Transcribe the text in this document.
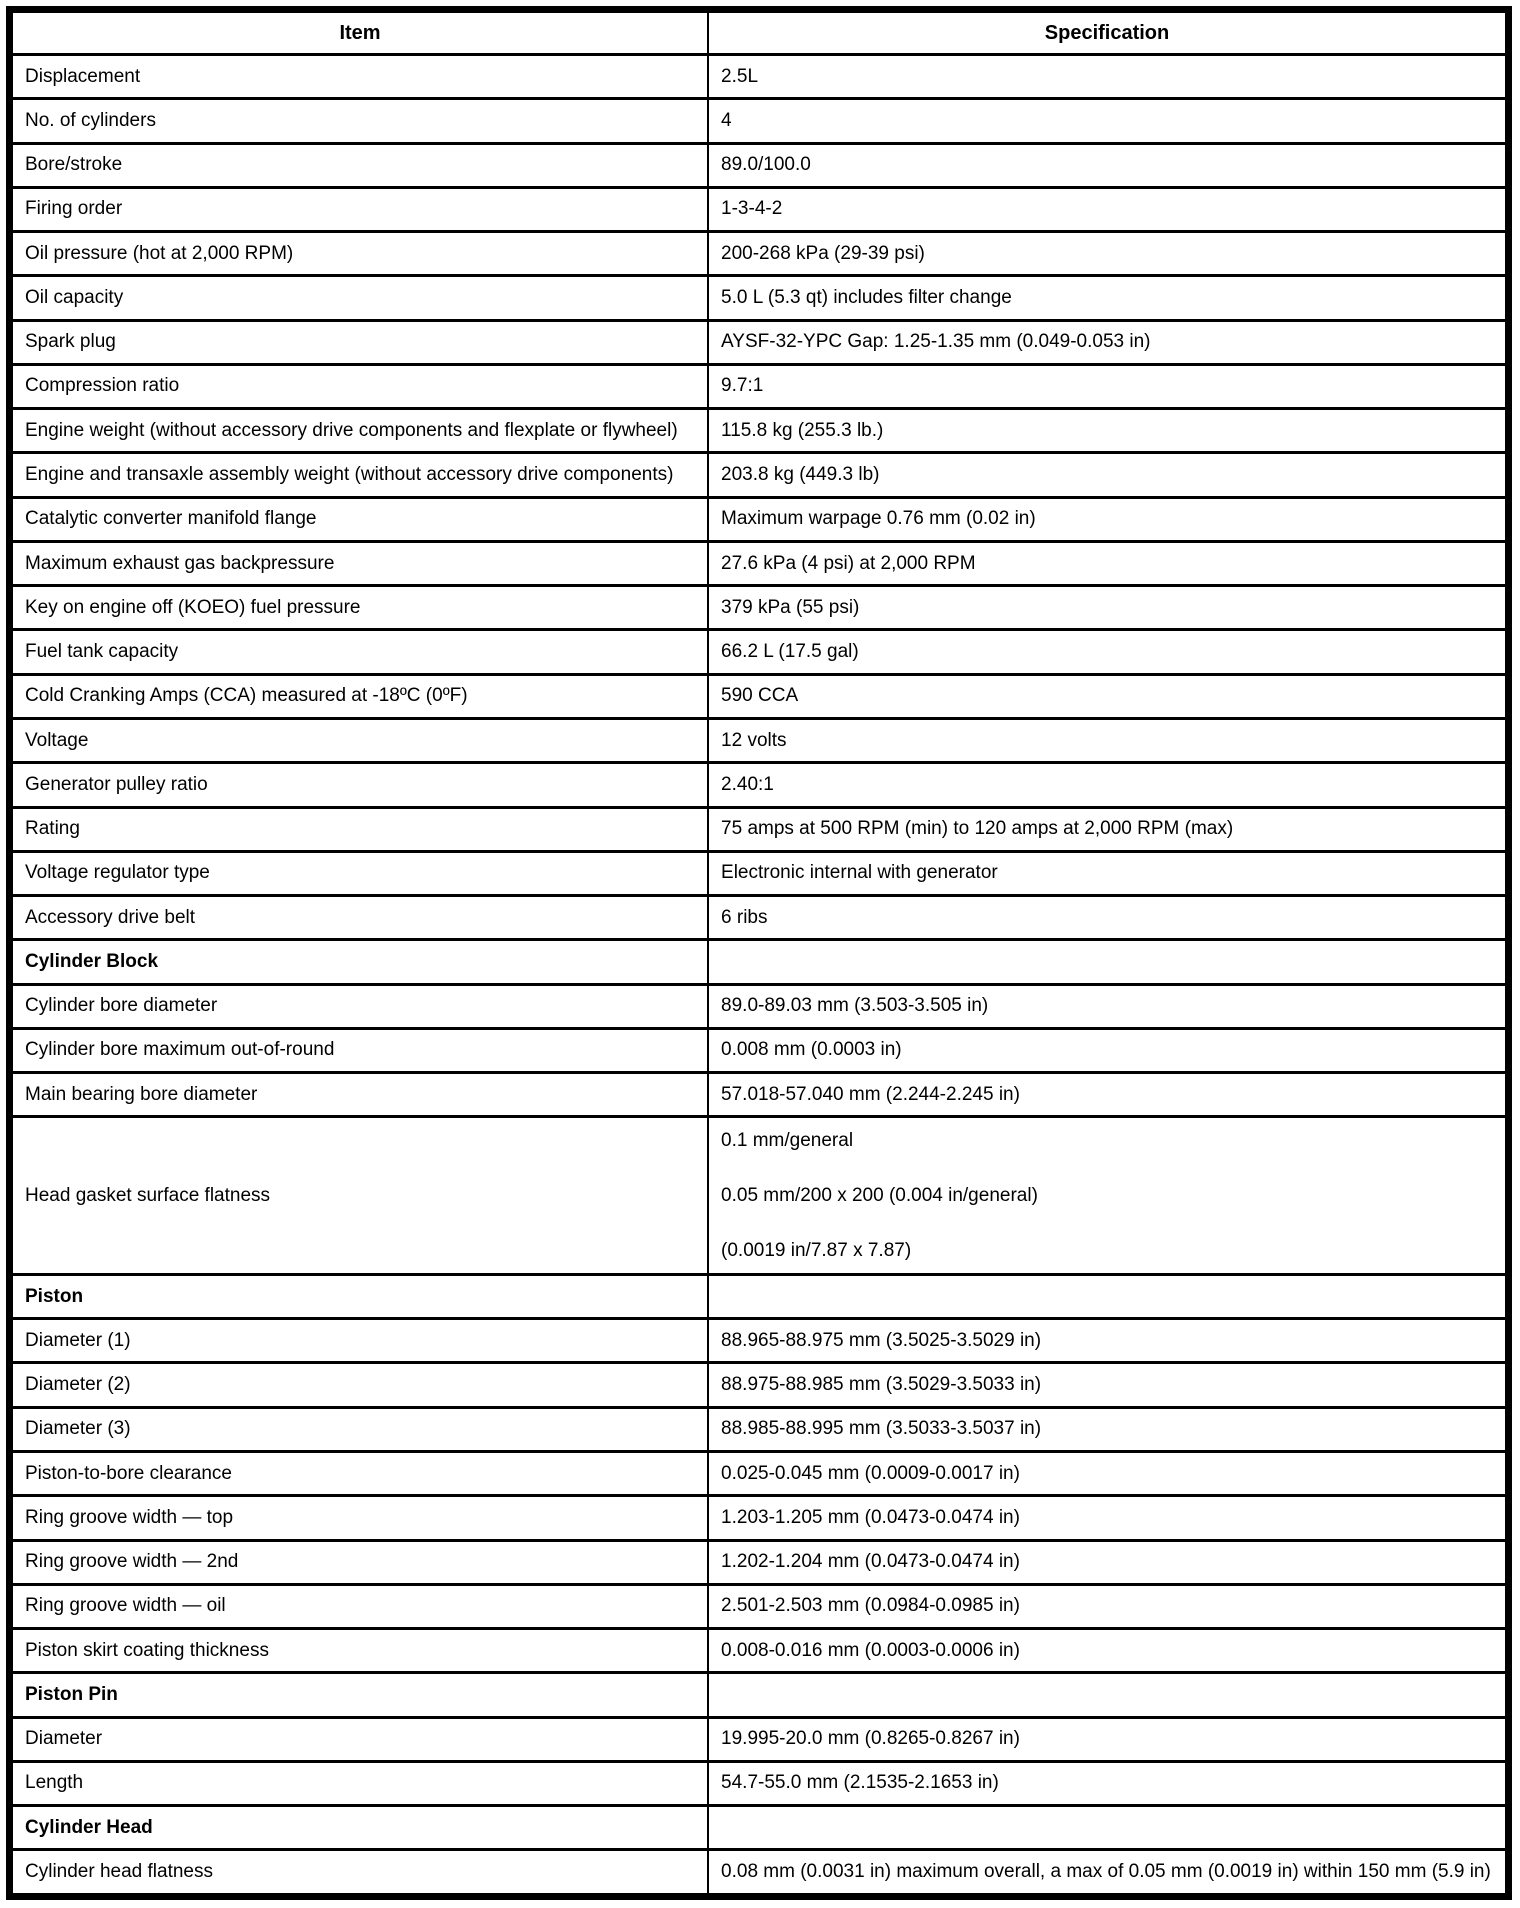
Item	Specification
Displacement	2.5L
No. of cylinders	4
Bore/stroke	89.0/100.0
Firing order	1-3-4-2
Oil pressure (hot at 2,000 RPM)	200-268 kPa (29-39 psi)
Oil capacity	5.0 L (5.3 qt) includes filter change
Spark plug	AYSF-32-YPC Gap: 1.25-1.35 mm (0.049-0.053 in)
Compression ratio	9.7:1
Engine weight (without accessory drive components and flexplate or flywheel)	115.8 kg (255.3 lb.)
Engine and transaxle assembly weight (without accessory drive components)	203.8 kg (449.3 lb)
Catalytic converter manifold flange	Maximum warpage 0.76 mm (0.02 in)
Maximum exhaust gas backpressure	27.6 kPa (4 psi) at 2,000 RPM
Key on engine off (KOEO) fuel pressure	379 kPa (55 psi)
Fuel tank capacity	66.2 L (17.5 gal)
Cold Cranking Amps (CCA) measured at -18ºC (0ºF)	590 CCA
Voltage	12 volts
Generator pulley ratio	2.40:1
Rating	75 amps at 500 RPM (min) to 120 amps at 2,000 RPM (max)
Voltage regulator type	Electronic internal with generator
Accessory drive belt	6 ribs
Cylinder Block	
Cylinder bore diameter	89.0-89.03 mm (3.503-3.505 in)
Cylinder bore maximum out-of-round	0.008 mm (0.0003 in)
Main bearing bore diameter	57.018-57.040 mm (2.244-2.245 in)
Head gasket surface flatness	0.1 mm/general

0.05 mm/200 x 200 (0.004 in/general)

(0.0019 in/7.87 x 7.87)

Piston	
Diameter (1)	88.965-88.975 mm (3.5025-3.5029 in)
Diameter (2)	88.975-88.985 mm (3.5029-3.5033 in)
Diameter (3)	88.985-88.995 mm (3.5033-3.5037 in)
Piston-to-bore clearance	0.025-0.045 mm (0.0009-0.0017 in)
Ring groove width — top	1.203-1.205 mm (0.0473-0.0474 in)
Ring groove width — 2nd	1.202-1.204 mm (0.0473-0.0474 in)
Ring groove width — oil	2.501-2.503 mm (0.0984-0.0985 in)
Piston skirt coating thickness	0.008-0.016 mm (0.0003-0.0006 in)
Piston Pin	
Diameter	19.995-20.0 mm (0.8265-0.8267 in)
Length	54.7-55.0 mm (2.1535-2.1653 in)
Cylinder Head	
Cylinder head flatness	0.08 mm (0.0031 in) maximum overall, a max of 0.05 mm (0.0019 in) within 150 mm (5.9 in)
